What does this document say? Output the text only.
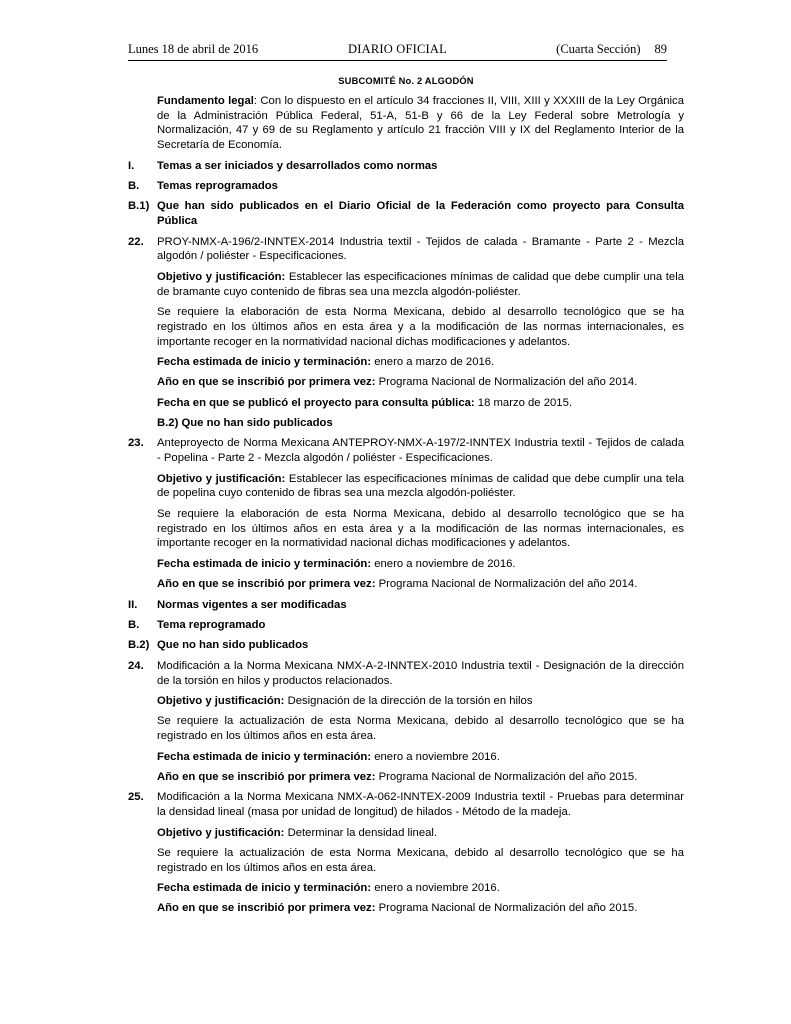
Lunes 18 de abril de 2016	DIARIO OFICIAL	(Cuarta Sección) 89
SUBCOMITÉ No. 2 ALGODÓN
Fundamento legal: Con lo dispuesto en el artículo 34 fracciones II, VIII, XIII y XXXIII de la Ley Orgánica de la Administración Pública Federal, 51-A, 51-B y 66 de la Ley Federal sobre Metrología y Normalización, 47 y 69 de su Reglamento y artículo 21 fracción VIII y IX del Reglamento Interior de la Secretaría de Economía.
I.	Temas a ser iniciados y desarrollados como normas
B.	Temas reprogramados
B.1) Que han sido publicados en el Diario Oficial de la Federación como proyecto para Consulta Pública
22.	PROY-NMX-A-196/2-INNTEX-2014 Industria textil - Tejidos de calada - Bramante - Parte 2 - Mezcla algodón / poliéster - Especificaciones.
Objetivo y justificación: Establecer las especificaciones mínimas de calidad que debe cumplir una tela de bramante cuyo contenido de fibras sea una mezcla algodón-poliéster.
Se requiere la elaboración de esta Norma Mexicana, debido al desarrollo tecnológico que se ha registrado en los últimos años en esta área y a la modificación de las normas internacionales, es importante recoger en la normatividad nacional dichas modificaciones y adelantos.
Fecha estimada de inicio y terminación: enero a marzo de 2016.
Año en que se inscribió por primera vez: Programa Nacional de Normalización del año 2014.
Fecha en que se publicó el proyecto para consulta pública: 18 marzo de 2015.
B.2) Que no han sido publicados
23.	Anteproyecto de Norma Mexicana ANTEPROY-NMX-A-197/2-INNTEX Industria textil - Tejidos de calada - Popelina - Parte 2 - Mezcla algodón / poliéster - Especificaciones.
Objetivo y justificación: Establecer las especificaciones mínimas de calidad que debe cumplir una tela de popelina cuyo contenido de fibras sea una mezcla algodón-poliéster.
Se requiere la elaboración de esta Norma Mexicana, debido al desarrollo tecnológico que se ha registrado en los últimos años en esta área y a la modificación de las normas internacionales, es importante recoger en la normatividad nacional dichas modificaciones y adelantos.
Fecha estimada de inicio y terminación: enero a noviembre de 2016.
Año en que se inscribió por primera vez: Programa Nacional de Normalización del año 2014.
II.	Normas vigentes a ser modificadas
B.	Tema reprogramado
B.2) Que no han sido publicados
24.	Modificación a la Norma Mexicana NMX-A-2-INNTEX-2010 Industria textil - Designación de la dirección de la torsión en hilos y productos relacionados.
Objetivo y justificación: Designación de la dirección de la torsión en hilos
Se requiere la actualización de esta Norma Mexicana, debido al desarrollo tecnológico que se ha registrado en los últimos años en esta área.
Fecha estimada de inicio y terminación: enero a noviembre 2016.
Año en que se inscribió por primera vez: Programa Nacional de Normalización del año 2015.
25.	Modificación a la Norma Mexicana NMX-A-062-INNTEX-2009 Industria textil - Pruebas para determinar la densidad lineal (masa por unidad de longitud) de hilados - Método de la madeja.
Objetivo y justificación: Determinar la densidad lineal.
Se requiere la actualización de esta Norma Mexicana, debido al desarrollo tecnológico que se ha registrado en los últimos años en esta área.
Fecha estimada de inicio y terminación: enero a noviembre 2016.
Año en que se inscribió por primera vez: Programa Nacional de Normalización del año 2015.
